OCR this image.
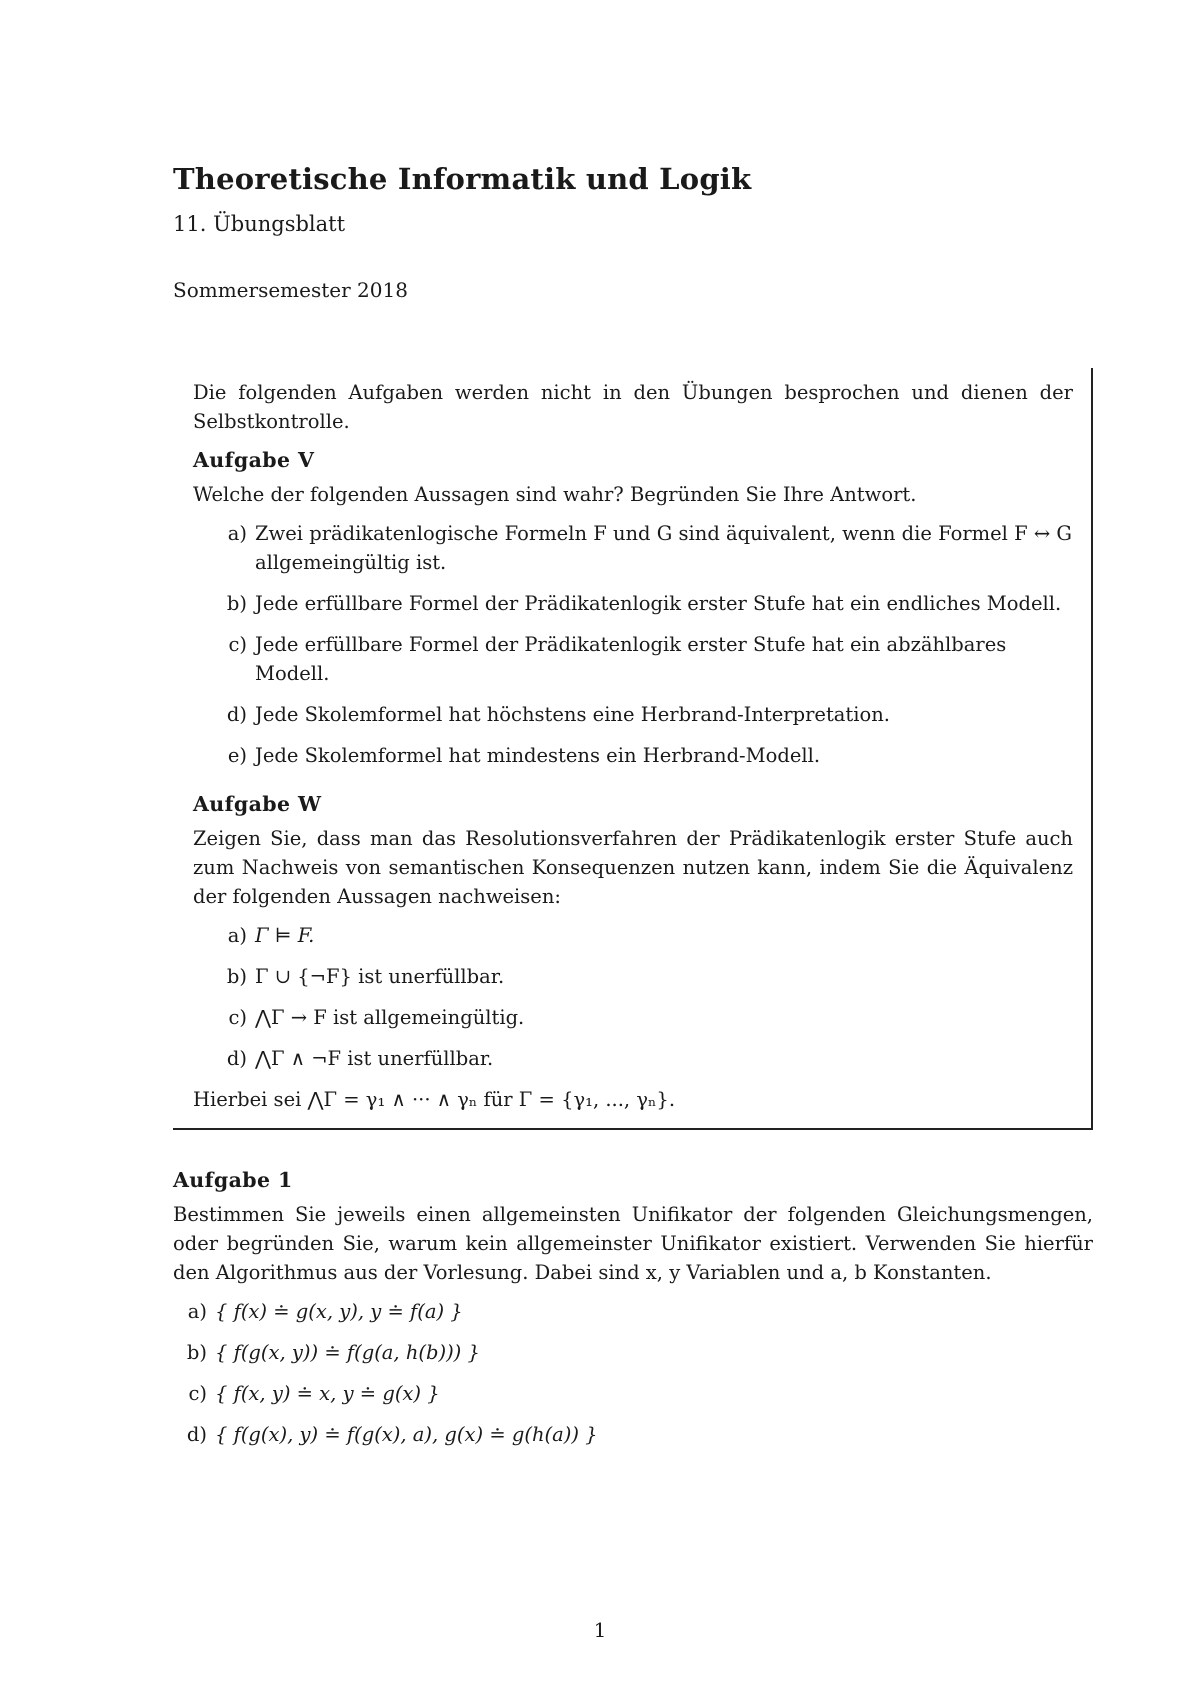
Theoretische Informatik und Logik
11. Übungsblatt
Sommersemester 2018

Die folgenden Aufgaben werden nicht in den Übungen besprochen und dienen der Selbstkontrolle.

Aufgabe V

Welche der folgenden Aussagen sind wahr? Begründen Sie Ihre Antwort.

a) Zwei prädikatenlogische Formeln F und G sind äquivalent, wenn die Formel F ↔ G allgemeingültig ist.
b) Jede erfüllbare Formel der Prädikatenlogik erster Stufe hat ein endliches Modell.
c) Jede erfüllbare Formel der Prädikatenlogik erster Stufe hat ein abzählbares Modell.
d) Jede Skolemformel hat höchstens eine Herbrand-Interpretation.
e) Jede Skolemformel hat mindestens ein Herbrand-Modell.
Aufgabe W

Zeigen Sie, dass man das Resolutionsverfahren der Prädikatenlogik erster Stufe auch zum Nachweis von semantischen Konsequenzen nutzen kann, indem Sie die Äquivalenz der folgenden Aussagen nachweisen:

a) Γ ⊨ F.
b) Γ ∪ {¬F} ist unerfüllbar.
c) ⋀Γ → F ist allgemeingültig.
d) ⋀Γ ∧ ¬F ist unerfüllbar.

Hierbei sei ⋀Γ = γ₁ ∧ ··· ∧ γₙ für Γ = {γ₁, ..., γₙ}.

Aufgabe 1

Bestimmen Sie jeweils einen allgemeinsten Unifikator der folgenden Gleichungsmengen, oder begründen Sie, warum kein allgemeinster Unifikator existiert. Verwenden Sie hierfür den Algorithmus aus der Vorlesung. Dabei sind x, y Variablen und a, b Konstanten.

a) { f(x) ≐ g(x, y), y ≐ f(a) }
b) { f(g(x, y)) ≐ f(g(a, h(b))) }
c) { f(x, y) ≐ x, y ≐ g(x) }
d) { f(g(x), y) ≐ f(g(x), a), g(x) ≐ g(h(a)) }
1
